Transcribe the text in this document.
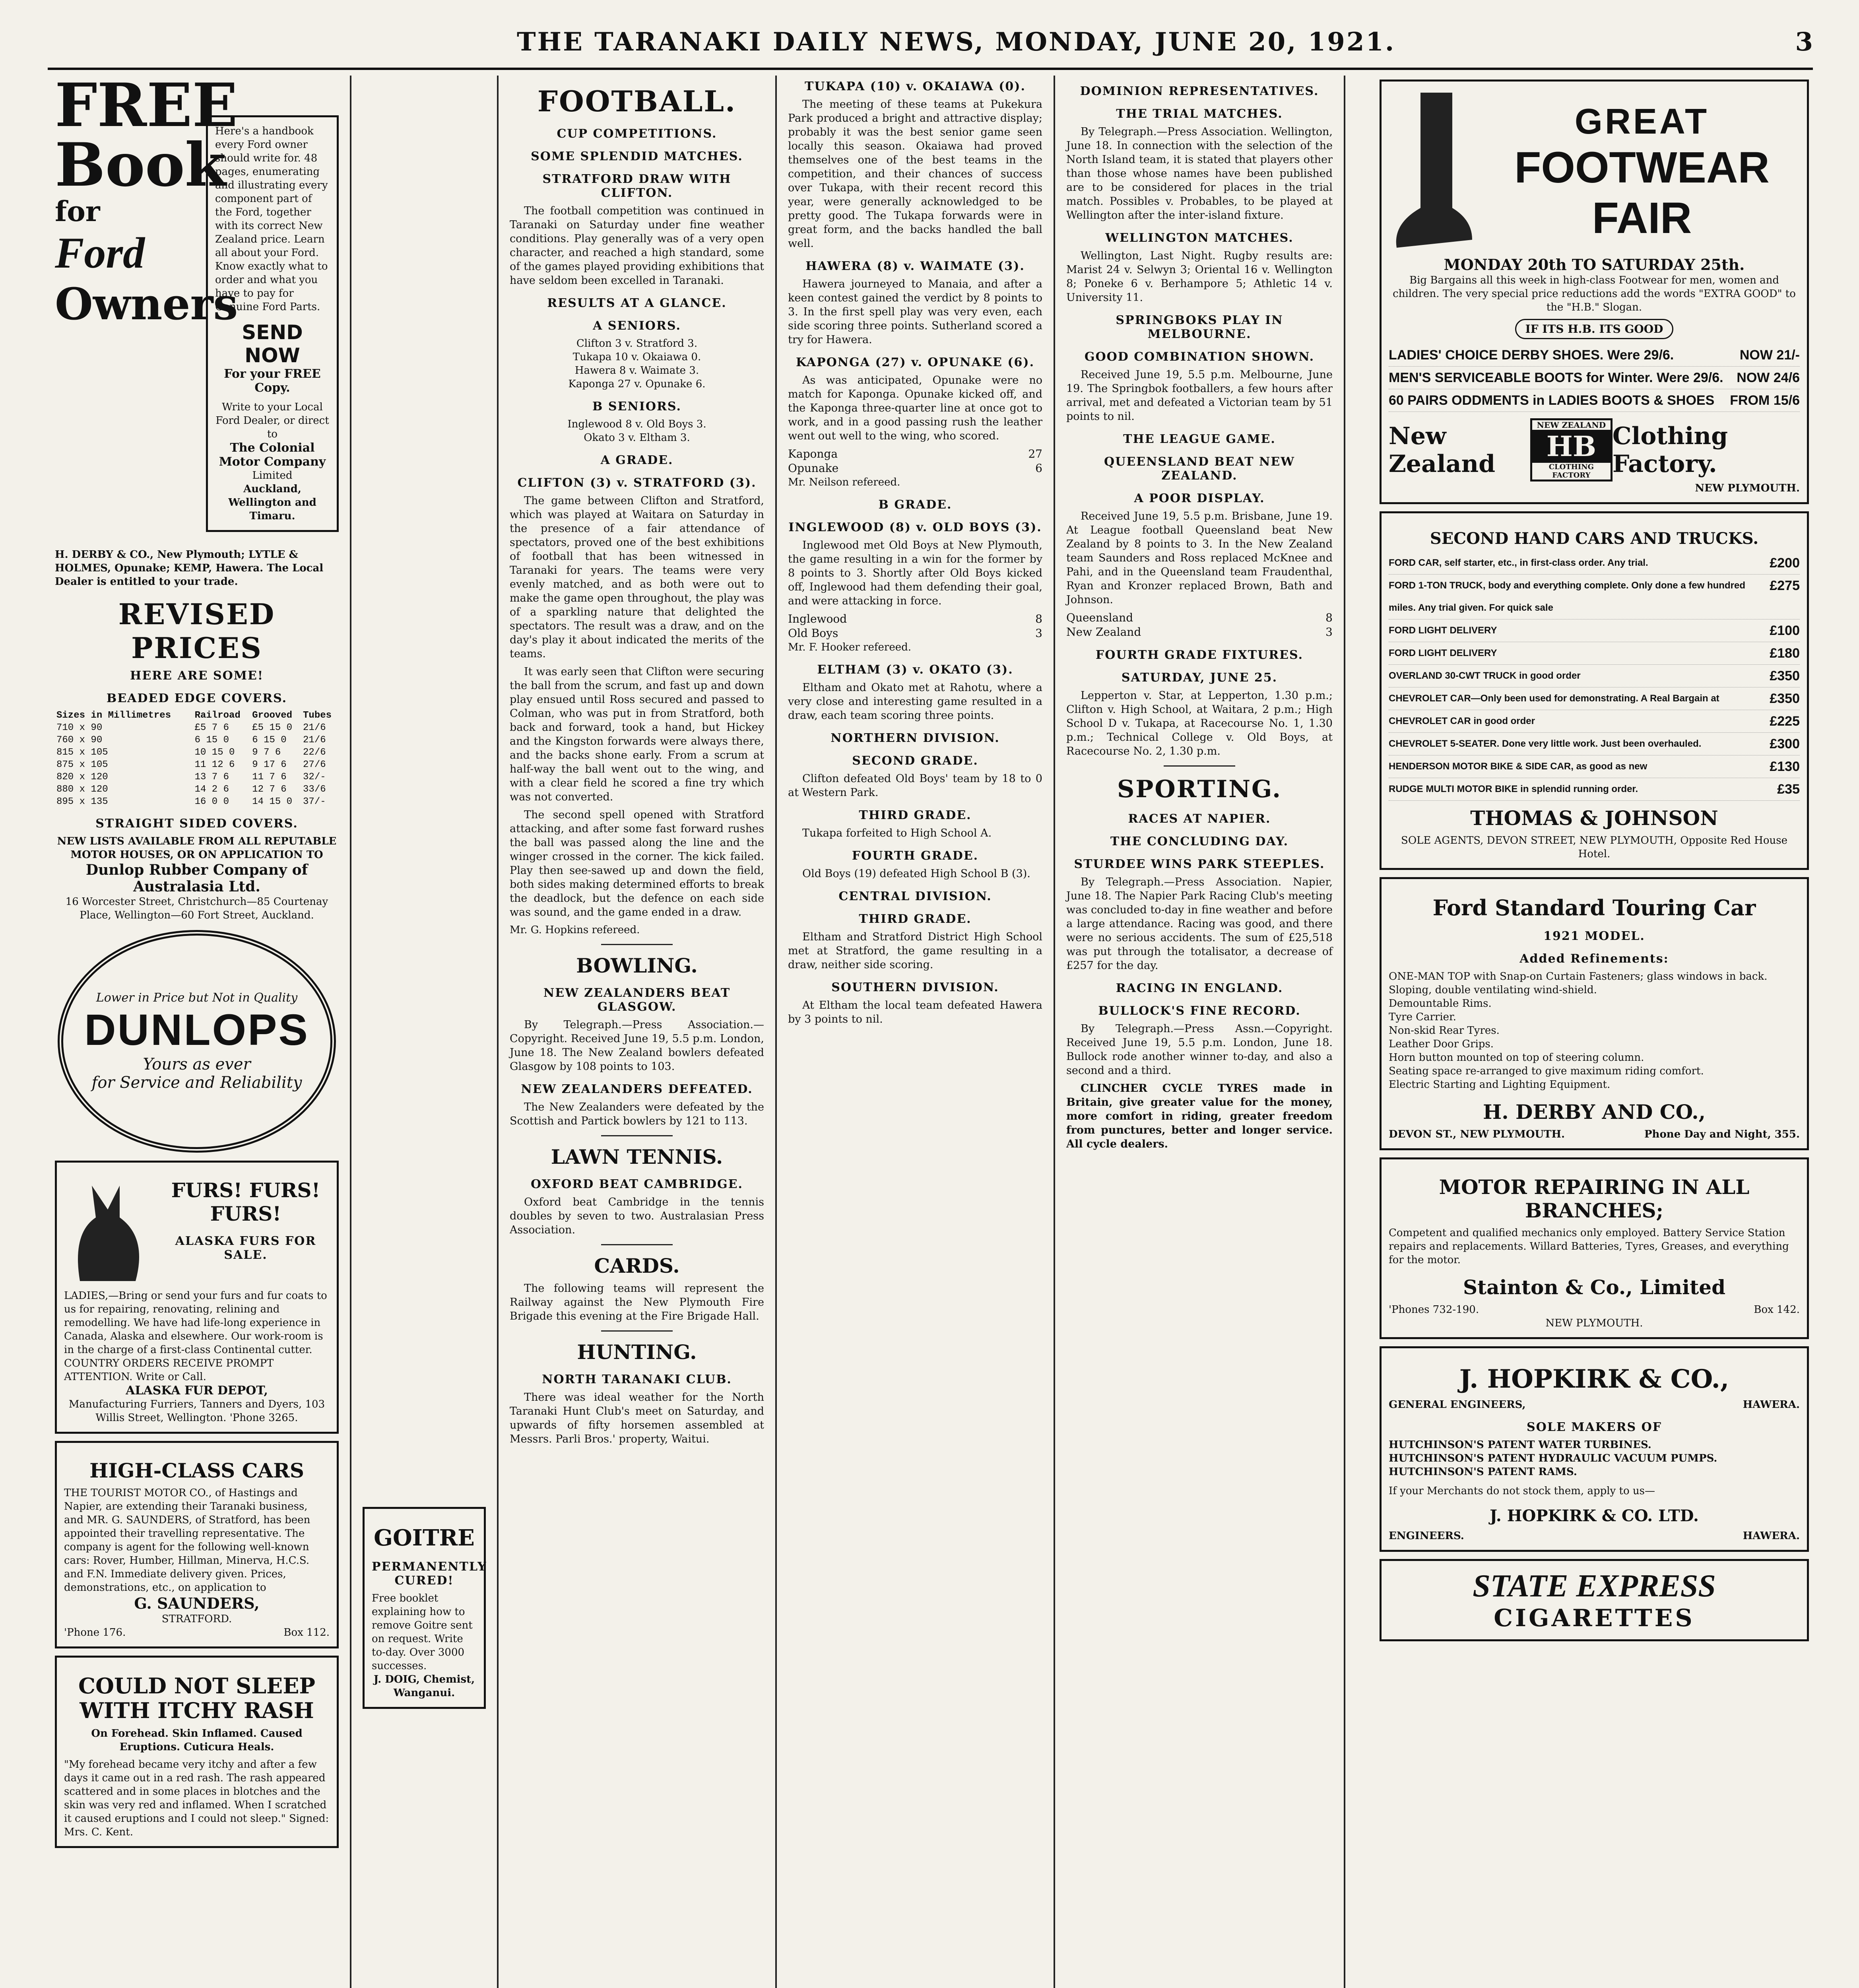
THE TARANAKI DAILY NEWS, MONDAY, JUNE 20, 1921.	3
FREE
Book
for
Ford
Owners
Here's a handbook every Ford owner should write for. 48 pages, enumerating and illustrating every component part of the Ford, together with its correct New Zealand price. Learn all about your Ford. Know exactly what to order and what you have to pay for Genuine Ford Parts.
SEND NOW
For your FREE Copy.
Write to your Local Ford Dealer, or direct to
The Colonial Motor Company
Limited
Auckland, Wellington and Timaru.
H. DERBY & CO., New Plymouth; LYTLE & HOLMES, Opunake; KEMP, Hawera. The Local Dealer is entitled to your trade.
REVISED PRICES
HERE ARE SOME!
BEADED EDGE COVERS.
Sizes in Millimetres	Railroad	Grooved	Tubes
710 x 90	£5 7 6	£5 15 0	21/6
760 x 90	6 15 0	6 15 0	21/6
815 x 105	10 15 0	9 7 6	22/6
875 x 105	11 12 6	9 17 6	27/6
820 x 120	13 7 6	11 7 6	32/-
880 x 120	14 2 6	12 7 6	33/6
895 x 135	16 0 0	14 15 0	37/-
STRAIGHT SIDED COVERS.
NEW LISTS AVAILABLE FROM ALL REPUTABLE MOTOR HOUSES, OR ON APPLICATION TO
Dunlop Rubber Company of Australasia Ltd.
16 Worcester Street, Christchurch—85 Courtenay Place, Wellington—60 Fort Street, Auckland.
Lower in Price but Not in Quality
DUNLOPS
Yours as ever
for Service and Reliability
FURS! FURS! FURS!
ALASKA FURS FOR SALE.
LADIES,—Bring or send your furs and fur coats to us for repairing, renovating, relining and remodelling. We have had life-long experience in Canada, Alaska and elsewhere. Our work-room is in the charge of a first-class Continental cutter. COUNTRY ORDERS RECEIVE PROMPT ATTENTION. Write or Call.
ALASKA FUR DEPOT,
Manufacturing Furriers, Tanners and Dyers, 103 Willis Street, Wellington. 'Phone 3265.
HIGH-CLASS CARS
THE TOURIST MOTOR CO., of Hastings and Napier, are extending their Taranaki business, and MR. G. SAUNDERS, of Stratford, has been appointed their travelling representative. The company is agent for the following well-known cars: Rover, Humber, Hillman, Minerva, H.C.S. and F.N. Immediate delivery given. Prices, demonstrations, etc., on application to
G. SAUNDERS,
STRATFORD.
'Phone 176.	Box 112.
COULD NOT SLEEP WITH ITCHY RASH
On Forehead. Skin Inflamed. Caused Eruptions. Cuticura Heals.
"My forehead became very itchy and after a few days it came out in a red rash. The rash appeared scattered and in some places in blotches and the skin was very red and inflamed. When I scratched it caused eruptions and I could not sleep." Signed: Mrs. C. Kent.
GOITRE
PERMANENTLY CURED!
Free booklet explaining how to remove Goitre sent on request. Write to-day. Over 3000 successes.
J. DOIG, Chemist, Wanganui.
FOOTBALL.
CUP COMPETITIONS.
SOME SPLENDID MATCHES.
STRATFORD DRAW WITH CLIFTON.
The football competition was continued in Taranaki on Saturday under fine weather conditions. Play generally was of a very open character, and reached a high standard, some of the games played providing exhibitions that have seldom been excelled in Taranaki.
RESULTS AT A GLANCE.
A SENIORS.
Clifton 3 v. Stratford 3.
Tukapa 10 v. Okaiawa 0.
Hawera 8 v. Waimate 3.
Kaponga 27 v. Opunake 6.
B SENIORS.
Inglewood 8 v. Old Boys 3.
Okato 3 v. Eltham 3.
A GRADE.
CLIFTON (3) v. STRATFORD (3).
The game between Clifton and Stratford, which was played at Waitara on Saturday in the presence of a fair attendance of spectators, proved one of the best exhibitions of football that has been witnessed in Taranaki for years. The teams were very evenly matched, and as both were out to make the game open throughout, the play was of a sparkling nature that delighted the spectators. The result was a draw, and on the day's play it about indicated the merits of the teams.
It was early seen that Clifton were securing the ball from the scrum, and fast up and down play ensued until Ross secured and passed to Colman, who was put in from Stratford, both back and forward, took a hand, but Hickey and the Kingston forwards were always there, and the backs shone early. From a scrum at half-way the ball went out to the wing, and with a clear field he scored a fine try which was not converted.
The second spell opened with Stratford attacking, and after some fast forward rushes the ball was passed along the line and the winger crossed in the corner. The kick failed. Play then see-sawed up and down the field, both sides making determined efforts to break the deadlock, but the defence on each side was sound, and the game ended in a draw.
Mr. G. Hopkins refereed.
BOWLING.
NEW ZEALANDERS BEAT GLASGOW.
By Telegraph.—Press Association.—Copyright. Received June 19, 5.5 p.m. London, June 18. The New Zealand bowlers defeated Glasgow by 108 points to 103.
NEW ZEALANDERS DEFEATED.
The New Zealanders were defeated by the Scottish and Partick bowlers by 121 to 113.
LAWN TENNIS.
OXFORD BEAT CAMBRIDGE.
Oxford beat Cambridge in the tennis doubles by seven to two. Australasian Press Association.
CARDS.
The following teams will represent the Railway against the New Plymouth Fire Brigade this evening at the Fire Brigade Hall.
HUNTING.
NORTH TARANAKI CLUB.
There was ideal weather for the North Taranaki Hunt Club's meet on Saturday, and upwards of fifty horsemen assembled at Messrs. Parli Bros.' property, Waitui.
TUKAPA (10) v. OKAIAWA (0).
The meeting of these teams at Pukekura Park produced a bright and attractive display; probably it was the best senior game seen locally this season. Okaiawa had proved themselves one of the best teams in the competition, and their chances of success over Tukapa, with their recent record this year, were generally acknowledged to be pretty good. The Tukapa forwards were in great form, and the backs handled the ball well.
HAWERA (8) v. WAIMATE (3).
Hawera journeyed to Manaia, and after a keen contest gained the verdict by 8 points to 3. In the first spell play was very even, each side scoring three points. Sutherland scored a try for Hawera.
KAPONGA (27) v. OPUNAKE (6).
As was anticipated, Opunake were no match for Kaponga. Opunake kicked off, and the Kaponga three-quarter line at once got to work, and in a good passing rush the leather went out well to the wing, who scored.
Kaponga	27
Opunake	6
Mr. Neilson refereed.
B GRADE.
INGLEWOOD (8) v. OLD BOYS (3).
Inglewood met Old Boys at New Plymouth, the game resulting in a win for the former by 8 points to 3. Shortly after Old Boys kicked off, Inglewood had them defending their goal, and were attacking in force.
Inglewood	8
Old Boys	3
Mr. F. Hooker refereed.
ELTHAM (3) v. OKATO (3).
Eltham and Okato met at Rahotu, where a very close and interesting game resulted in a draw, each team scoring three points.
NORTHERN DIVISION.
SECOND GRADE.
Clifton defeated Old Boys' team by 18 to 0 at Western Park.
THIRD GRADE.
Tukapa forfeited to High School A.
FOURTH GRADE.
Old Boys (19) defeated High School B (3).
CENTRAL DIVISION.
THIRD GRADE.
Eltham and Stratford District High School met at Stratford, the game resulting in a draw, neither side scoring.
SOUTHERN DIVISION.
At Eltham the local team defeated Hawera by 3 points to nil.
DOMINION REPRESENTATIVES.
THE TRIAL MATCHES.
By Telegraph.—Press Association. Wellington, June 18. In connection with the selection of the North Island team, it is stated that players other than those whose names have been published are to be considered for places in the trial match. Possibles v. Probables, to be played at Wellington after the inter-island fixture.
WELLINGTON MATCHES.
Wellington, Last Night. Rugby results are: Marist 24 v. Selwyn 3; Oriental 16 v. Wellington 8; Poneke 6 v. Berhampore 5; Athletic 14 v. University 11.
SPRINGBOKS PLAY IN MELBOURNE.
GOOD COMBINATION SHOWN.
Received June 19, 5.5 p.m. Melbourne, June 19. The Springbok footballers, a few hours after arrival, met and defeated a Victorian team by 51 points to nil.
THE LEAGUE GAME.
QUEENSLAND BEAT NEW ZEALAND.
A POOR DISPLAY.
Received June 19, 5.5 p.m. Brisbane, June 19. At League football Queensland beat New Zealand by 8 points to 3. In the New Zealand team Saunders and Ross replaced McKnee and Pahi, and in the Queensland team Fraudenthal, Ryan and Kronzer replaced Brown, Bath and Johnson.
Queensland	8
New Zealand	3
FOURTH GRADE FIXTURES.
SATURDAY, JUNE 25.
Lepperton v. Star, at Lepperton, 1.30 p.m.; Clifton v. High School, at Waitara, 2 p.m.; High School D v. Tukapa, at Racecourse No. 1, 1.30 p.m.; Technical College v. Old Boys, at Racecourse No. 2, 1.30 p.m.
SPORTING.
RACES AT NAPIER.
THE CONCLUDING DAY.
STURDEE WINS PARK STEEPLES.
By Telegraph.—Press Association. Napier, June 18. The Napier Park Racing Club's meeting was concluded to-day in fine weather and before a large attendance. Racing was good, and there were no serious accidents. The sum of £25,518 was put through the totalisator, a decrease of £257 for the day.
RACING IN ENGLAND.
BULLOCK'S FINE RECORD.
By Telegraph.—Press Assn.—Copyright. Received June 19, 5.5 p.m. London, June 18. Bullock rode another winner to-day, and also a second and a third.
CLINCHER CYCLE TYRES made in Britain, give greater value for the money, more comfort in riding, greater freedom from punctures, better and longer service. All cycle dealers.
GREAT
FOOTWEAR
FAIR
MONDAY 20th TO SATURDAY 25th.
Big Bargains all this week in high-class Footwear for men, women and children. The very special price reductions add the words "EXTRA GOOD" to the "H.B." Slogan.
IF ITS H.B. ITS GOOD
LADIES' CHOICE DERBY SHOES. Were 29/6.	NOW 21/-
MEN'S SERVICEABLE BOOTS for Winter. Were 29/6. NOW 24/6
60 PAIRS ODDMENTS in LADIES BOOTS & SHOES FROM 15/6
New Zealand
NEW ZEALAND
HB
CLOTHING FACTORY
Clothing Factory.
NEW PLYMOUTH.
SECOND HAND CARS AND TRUCKS.
FORD CAR, self starter, etc., in first-class order. Any trial.	£200
FORD 1-TON TRUCK, body and everything complete. Only done a few hundred miles. Any trial given. For quick sale
£275
FORD LIGHT DELIVERY	£100
FORD LIGHT DELIVERY	£180
OVERLAND 30-CWT TRUCK in good order	£350
CHEVROLET CAR—Only been used for demonstrating. A Real Bargain at	£350
CHEVROLET CAR in good order	£225
CHEVROLET 5-SEATER. Done very little work. Just been overhauled.	£300
HENDERSON MOTOR BIKE & SIDE CAR, as good as new	£130
RUDGE MULTI MOTOR BIKE in splendid running order.	£35
THOMAS & JOHNSON
SOLE AGENTS, DEVON STREET, NEW PLYMOUTH, Opposite Red House Hotel.
Ford Standard Touring Car
1921 MODEL.
Added Refinements:
ONE-MAN TOP with Snap-on Curtain Fasteners; glass windows in back.
Sloping, double ventilating wind-shield.
Demountable Rims.
Tyre Carrier.
Non-skid Rear Tyres.
Leather Door Grips.
Horn button mounted on top of steering column.
Seating space re-arranged to give maximum riding comfort.
Electric Starting and Lighting Equipment.
H. DERBY AND CO.,
DEVON ST., NEW PLYMOUTH.	Phone Day and Night, 355.
MOTOR REPAIRING IN ALL BRANCHES;
Competent and qualified mechanics only employed. Battery Service Station repairs and replacements. Willard Batteries, Tyres, Greases, and everything for the motor.
Stainton & Co., Limited
'Phones 732-190.	Box 142.
NEW PLYMOUTH.
J. HOPKIRK & CO.,
GENERAL ENGINEERS,	HAWERA.
SOLE MAKERS OF
HUTCHINSON'S PATENT WATER TURBINES.
HUTCHINSON'S PATENT HYDRAULIC VACUUM PUMPS.
HUTCHINSON'S PATENT RAMS.
If your Merchants do not stock them, apply to us—
J. HOPKIRK & CO. LTD.
ENGINEERS.	HAWERA.
STATE EXPRESS
CIGARETTES
